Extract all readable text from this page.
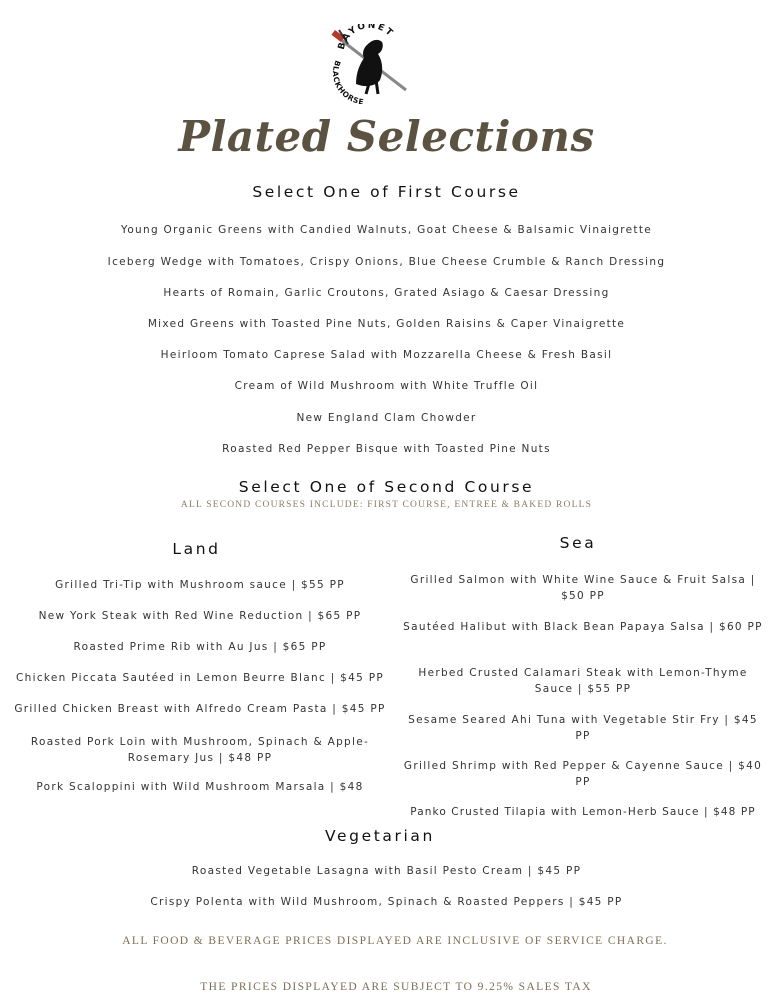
BAYONET
BLACKHORSE
Plated Selections
Select One of First Course
Young Organic Greens with Candied Walnuts, Goat Cheese & Balsamic Vinaigrette
Iceberg Wedge with Tomatoes, Crispy Onions, Blue Cheese Crumble & Ranch Dressing
Hearts of Romain, Garlic Croutons, Grated Asiago & Caesar Dressing
Mixed Greens with Toasted Pine Nuts, Golden Raisins & Caper Vinaigrette
Heirloom Tomato Caprese Salad with Mozzarella Cheese & Fresh Basil
Cream of Wild Mushroom with White Truffle Oil
New England Clam Chowder
Roasted Red Pepper Bisque with Toasted Pine Nuts
Select One of Second Course
ALL SECOND COURSES INCLUDE: FIRST COURSE, ENTREE & BAKED ROLLS
Land
Grilled Tri-Tip with Mushroom sauce | $55 PP
New York Steak with Red Wine Reduction | $65 PP
Roasted Prime Rib with Au Jus | $65 PP
Chicken Piccata Sautéed in Lemon Beurre Blanc | $45 PP
Grilled Chicken Breast with Alfredo Cream Pasta | $45 PP
Roasted Pork Loin with Mushroom, Spinach & Apple-Rosemary Jus | $48 PP
Pork Scaloppini with Wild Mushroom Marsala | $48
Sea
Grilled Salmon with White Wine Sauce & Fruit Salsa | $50 PP
Sautéed Halibut with Black Bean Papaya Salsa | $60 PP
Herbed Crusted Calamari Steak with Lemon-Thyme Sauce | $55 PP
Sesame Seared Ahi Tuna with Vegetable Stir Fry | $45 PP
Grilled Shrimp with Red Pepper & Cayenne Sauce | $40 PP
Panko Crusted Tilapia with Lemon-Herb Sauce | $48 PP
Vegetarian
Roasted Vegetable Lasagna with Basil Pesto Cream | $45 PP
Crispy Polenta with Wild Mushroom, Spinach & Roasted Peppers | $45 PP
ALL FOOD & BEVERAGE PRICES DISPLAYED ARE INCLUSIVE OF SERVICE CHARGE.
THE PRICES DISPLAYED ARE SUBJECT TO 9.25% SALES TAX
